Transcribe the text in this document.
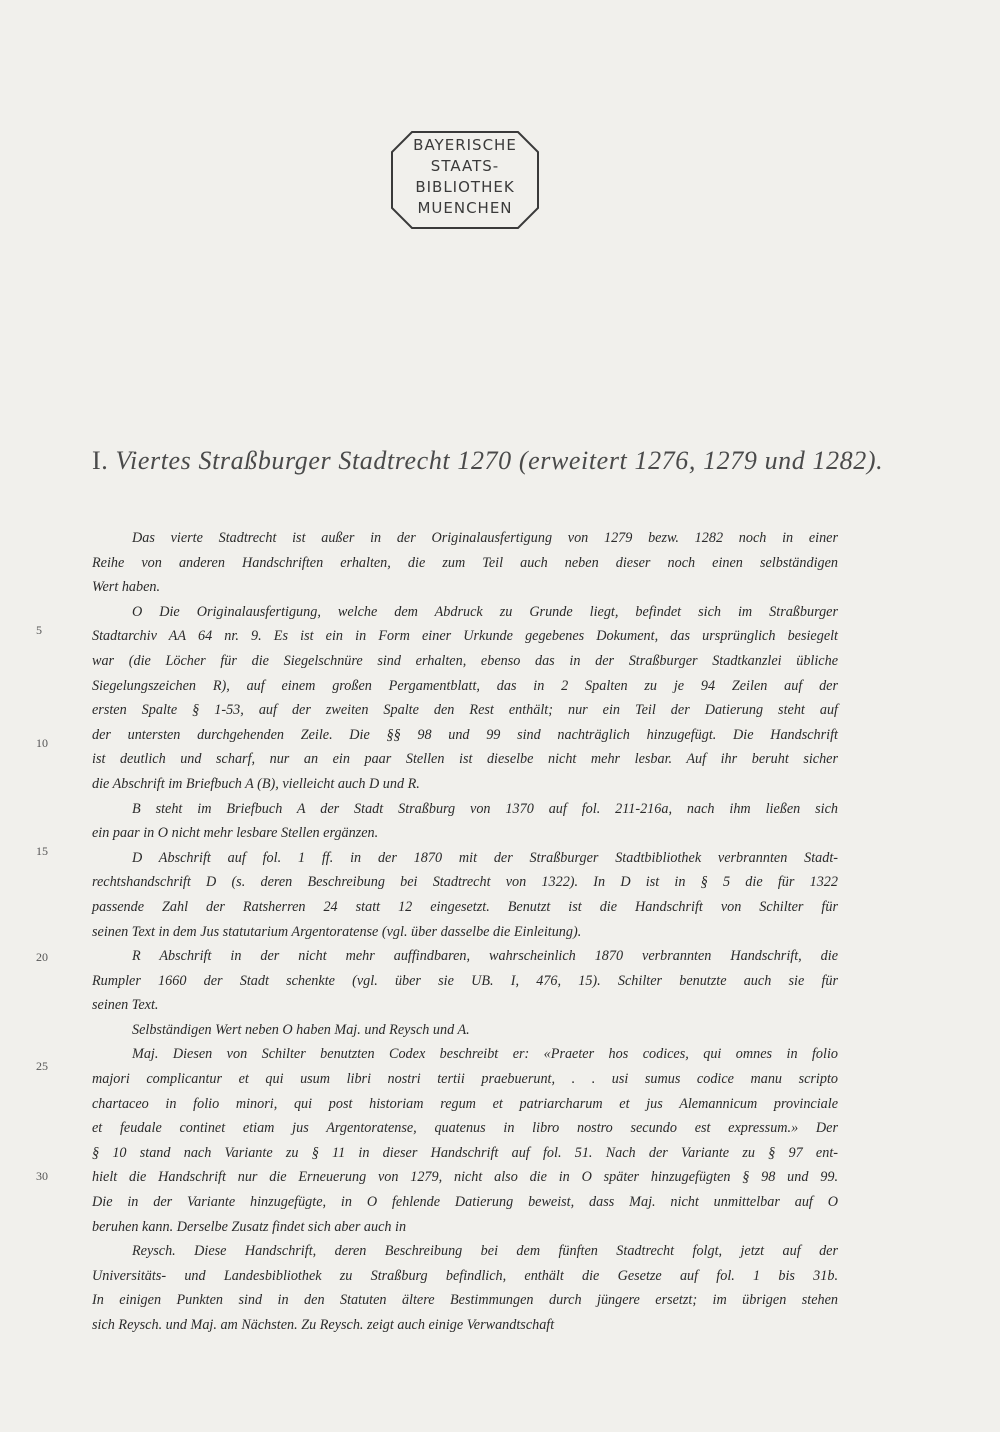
BAYERISCHE
STAATS-
BIBLIOTHEK
MUENCHEN
I. Viertes Straßburger Stadtrecht 1270 (erweitert 1276, 1279 und 1282).
5
10
15
20
25
30
Das vierte Stadtrecht ist außer in der Originalausfertigung von 1279 bezw. 1282 noch in einer
Reihe von anderen Handschriften erhalten, die zum Teil auch neben dieser noch einen selbständigen
Wert haben.
O Die Originalausfertigung, welche dem Abdruck zu Grunde liegt, befindet sich im Straßburger
Stadtarchiv AA 64 nr. 9. Es ist ein in Form einer Urkunde gegebenes Dokument, das ursprünglich besiegelt
war (die Löcher für die Siegelschnüre sind erhalten, ebenso das in der Straßburger Stadtkanzlei übliche
Siegelungszeichen R), auf einem großen Pergamentblatt, das in 2 Spalten zu je 94 Zeilen auf der
ersten Spalte § 1-53, auf der zweiten Spalte den Rest enthält; nur ein Teil der Datierung steht auf
der untersten durchgehenden Zeile. Die §§ 98 und 99 sind nachträglich hinzugefügt. Die Handschrift
ist deutlich und scharf, nur an ein paar Stellen ist dieselbe nicht mehr lesbar. Auf ihr beruht sicher
die Abschrift im Briefbuch A (B), vielleicht auch D und R.
B steht im Briefbuch A der Stadt Straßburg von 1370 auf fol. 211-216a, nach ihm ließen sich
ein paar in O nicht mehr lesbare Stellen ergänzen.
D Abschrift auf fol. 1 ff. in der 1870 mit der Straßburger Stadtbibliothek verbrannten Stadt-
rechtshandschrift D (s. deren Beschreibung bei Stadtrecht von 1322). In D ist in § 5 die für 1322
passende Zahl der Ratsherren 24 statt 12 eingesetzt. Benutzt ist die Handschrift von Schilter für
seinen Text in dem Jus statutarium Argentoratense (vgl. über dasselbe die Einleitung).
R Abschrift in der nicht mehr auffindbaren, wahrscheinlich 1870 verbrannten Handschrift, die
Rumpler 1660 der Stadt schenkte (vgl. über sie UB. I, 476, 15). Schilter benutzte auch sie für
seinen Text.
Selbständigen Wert neben O haben Maj. und Reysch und A.
Maj. Diesen von Schilter benutzten Codex beschreibt er: «Praeter hos codices, qui omnes in folio
majori complicantur et qui usum libri nostri tertii praebuerunt, . . usi sumus codice manu scripto
chartaceo in folio minori, qui post historiam regum et patriarcharum et jus Alemannicum provinciale
et feudale continet etiam jus Argentoratense, quatenus in libro nostro secundo est expressum.» Der
§ 10 stand nach Variante zu § 11 in dieser Handschrift auf fol. 51. Nach der Variante zu § 97 ent-
hielt die Handschrift nur die Erneuerung von 1279, nicht also die in O später hinzugefügten § 98 und 99.
Die in der Variante hinzugefügte, in O fehlende Datierung beweist, dass Maj. nicht unmittelbar auf O
beruhen kann. Derselbe Zusatz findet sich aber auch in
Reysch. Diese Handschrift, deren Beschreibung bei dem fünften Stadtrecht folgt, jetzt auf der
Universitäts- und Landesbibliothek zu Straßburg befindlich, enthält die Gesetze auf fol. 1 bis 31b.
In einigen Punkten sind in den Statuten ältere Bestimmungen durch jüngere ersetzt; im übrigen stehen
sich Reysch. und Maj. am Nächsten. Zu Reysch. zeigt auch einige Verwandtschaft
